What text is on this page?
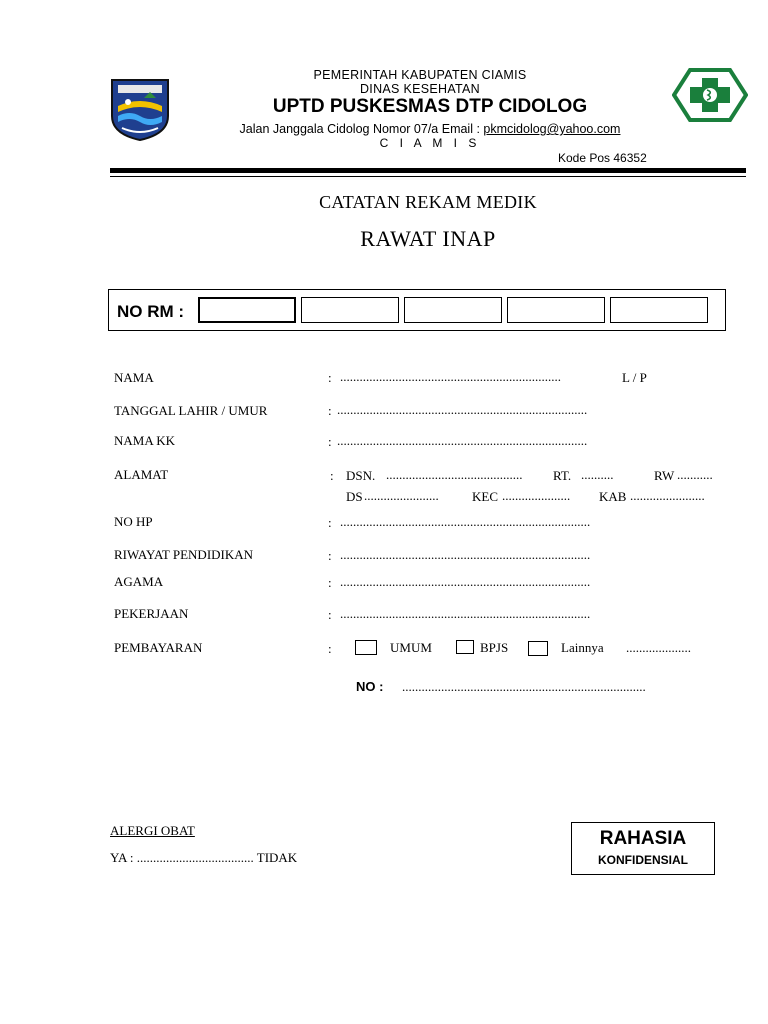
PEMERINTAH KABUPATEN CIAMIS
DINAS KESEHATAN
UPTD PUSKESMAS DTP CIDOLOG
Jalan Janggala Cidolog Nomor 07/a Email : pkmcidolog@yahoo.com
C I A M I S
Kode Pos 46352
CATATAN REKAM MEDIK
RAWAT INAP
NO RM :
NAMA	: ....................................................................	L / P
TANGGAL LAHIR / UMUR	: .............................................................................
NAMA KK	: .............................................................................
ALAMAT	: DSN. .......................................... RT. ..........	RW ...........
DS .......................	KEC ..................... KAB .......................
NO HP	: .............................................................................
RIWAYAT PENDIDIKAN	: .............................................................................
AGAMA	: .............................................................................
PEKERJAAN	: .............................................................................
PEMBAYARAN	:	UMUM	BPJS	Lainnya ....................
NO : ...........................................................................
ALERGI OBAT
YA : .................................... TIDAK
RAHASIA
KONFIDENSIAL
